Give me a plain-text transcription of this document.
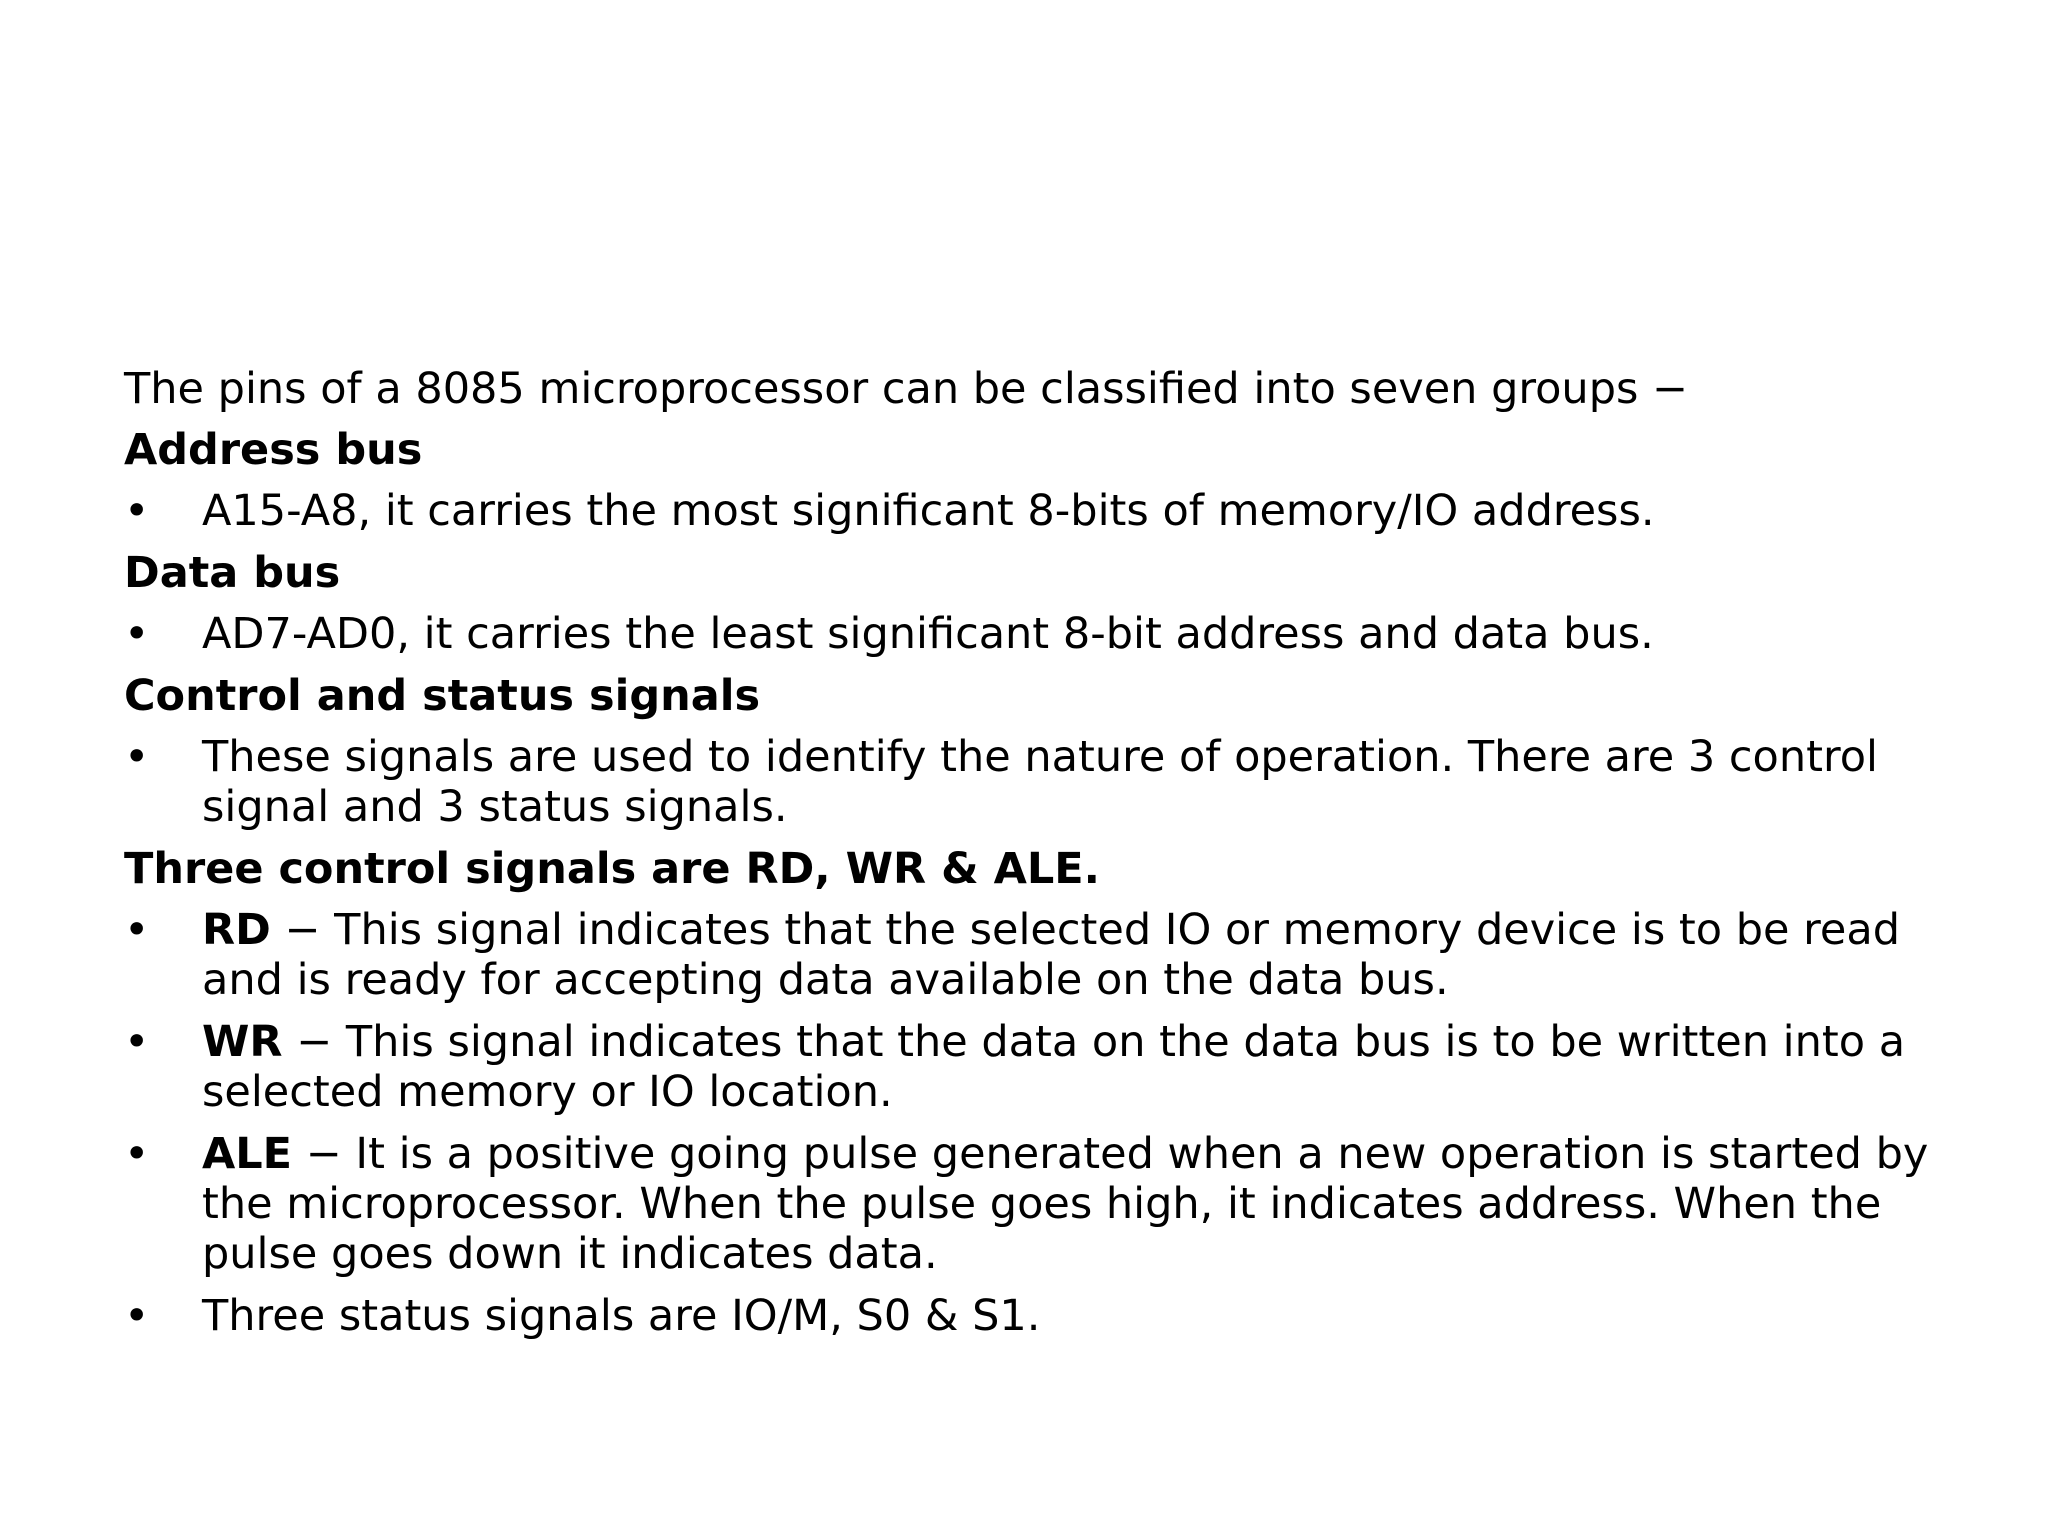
The pins of a 8085 microprocessor can be classified into seven groups −
Address bus
•	A15-A8, it carries the most significant 8-bits of memory/IO address.
Data bus
•	AD7-AD0, it carries the least significant 8-bit address and data bus.
Control and status signals
•	These signals are used to identify the nature of operation. There are 3 control signal and 3 status signals.
Three control signals are RD, WR & ALE.
•	RD − This signal indicates that the selected IO or memory device is to be read and is ready for accepting data available on the data bus.
•	WR − This signal indicates that the data on the data bus is to be written into a selected memory or IO location.
•	ALE − It is a positive going pulse generated when a new operation is started by the microprocessor. When the pulse goes high, it indicates address. When the pulse goes down it indicates data.
•	Three status signals are IO/M, S0 & S1.
